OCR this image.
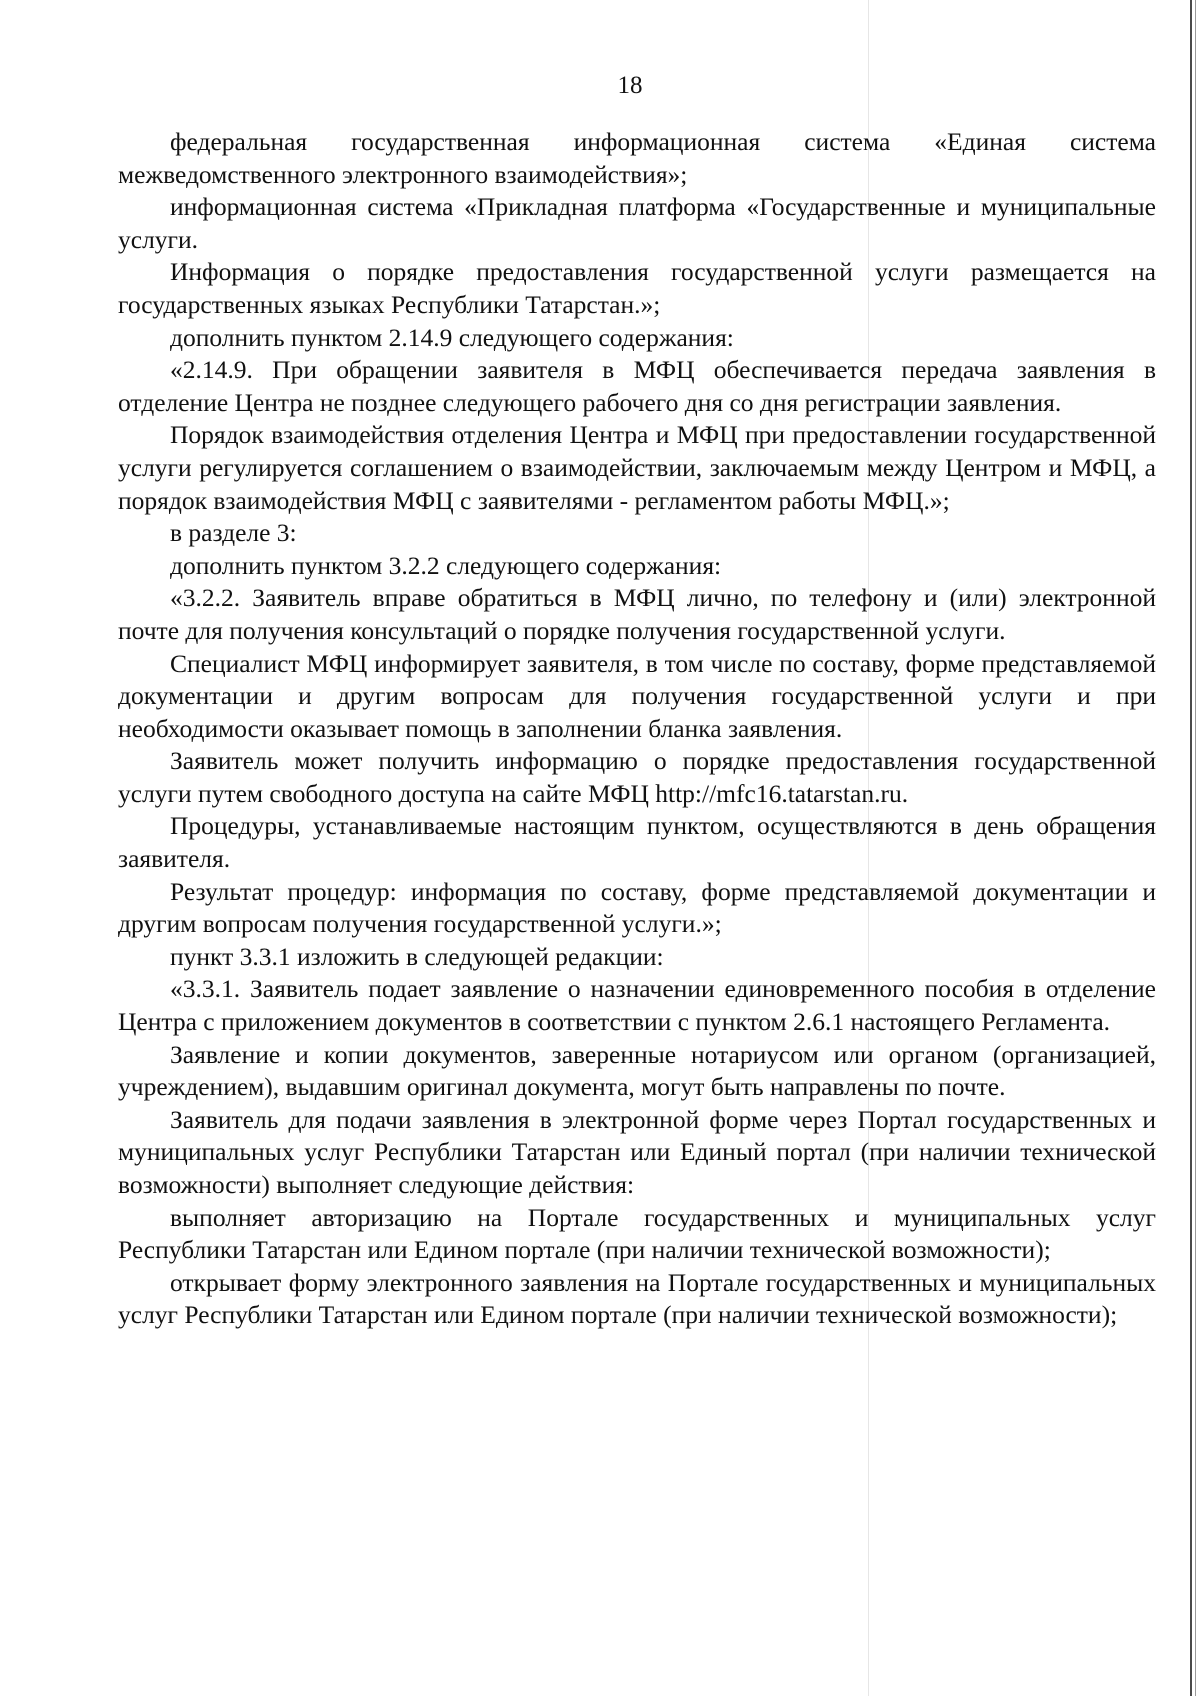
18

федеральная государственная информационная система «Единая система межведомственного электронного взаимодействия»;

информационная система «Прикладная платформа «Государственные и муниципальные услуги.

Информация о порядке предоставления государственной услуги размещается на государственных языках Республики Татарстан.»;

дополнить пунктом 2.14.9 следующего содержания:

«2.14.9. При обращении заявителя в МФЦ обеспечивается передача заявления в отделение Центра не позднее следующего рабочего дня со дня регистрации заявления.

Порядок взаимодействия отделения Центра и МФЦ при предоставлении государственной услуги регулируется соглашением о взаимодействии, заключаемым между Центром и МФЦ, а порядок взаимодействия МФЦ с заявителями - регламентом работы МФЦ.»;

в разделе 3:

дополнить пунктом 3.2.2 следующего содержания:

«3.2.2. Заявитель вправе обратиться в МФЦ лично, по телефону и (или) электронной почте для получения консультаций о порядке получения государственной услуги.

Специалист МФЦ информирует заявителя, в том числе по составу, форме представляемой документации и другим вопросам для получения государственной услуги и при необходимости оказывает помощь в заполнении бланка заявления.

Заявитель может получить информацию о порядке предоставления государственной услуги путем свободного доступа на сайте МФЦ http://mfc16.tatarstan.ru.

Процедуры, устанавливаемые настоящим пунктом, осуществляются в день обращения заявителя.

Результат процедур: информация по составу, форме представляемой документации и другим вопросам получения государственной услуги.»;

пункт 3.3.1 изложить в следующей редакции:

«3.3.1. Заявитель подает заявление о назначении единовременного пособия в отделение Центра с приложением документов в соответствии с пунктом 2.6.1 настоящего Регламента.

Заявление и копии документов, заверенные нотариусом или органом (организацией, учреждением), выдавшим оригинал документа, могут быть направлены по почте.

Заявитель для подачи заявления в электронной форме через Портал государственных и муниципальных услуг Республики Татарстан или Единый портал (при наличии технической возможности) выполняет следующие действия:

выполняет авторизацию на Портале государственных и муниципальных услуг Республики Татарстан или Едином портале (при наличии технической возможности);

открывает форму электронного заявления на Портале государственных и муниципальных услуг Республики Татарстан или Едином портале (при наличии технической возможности);
